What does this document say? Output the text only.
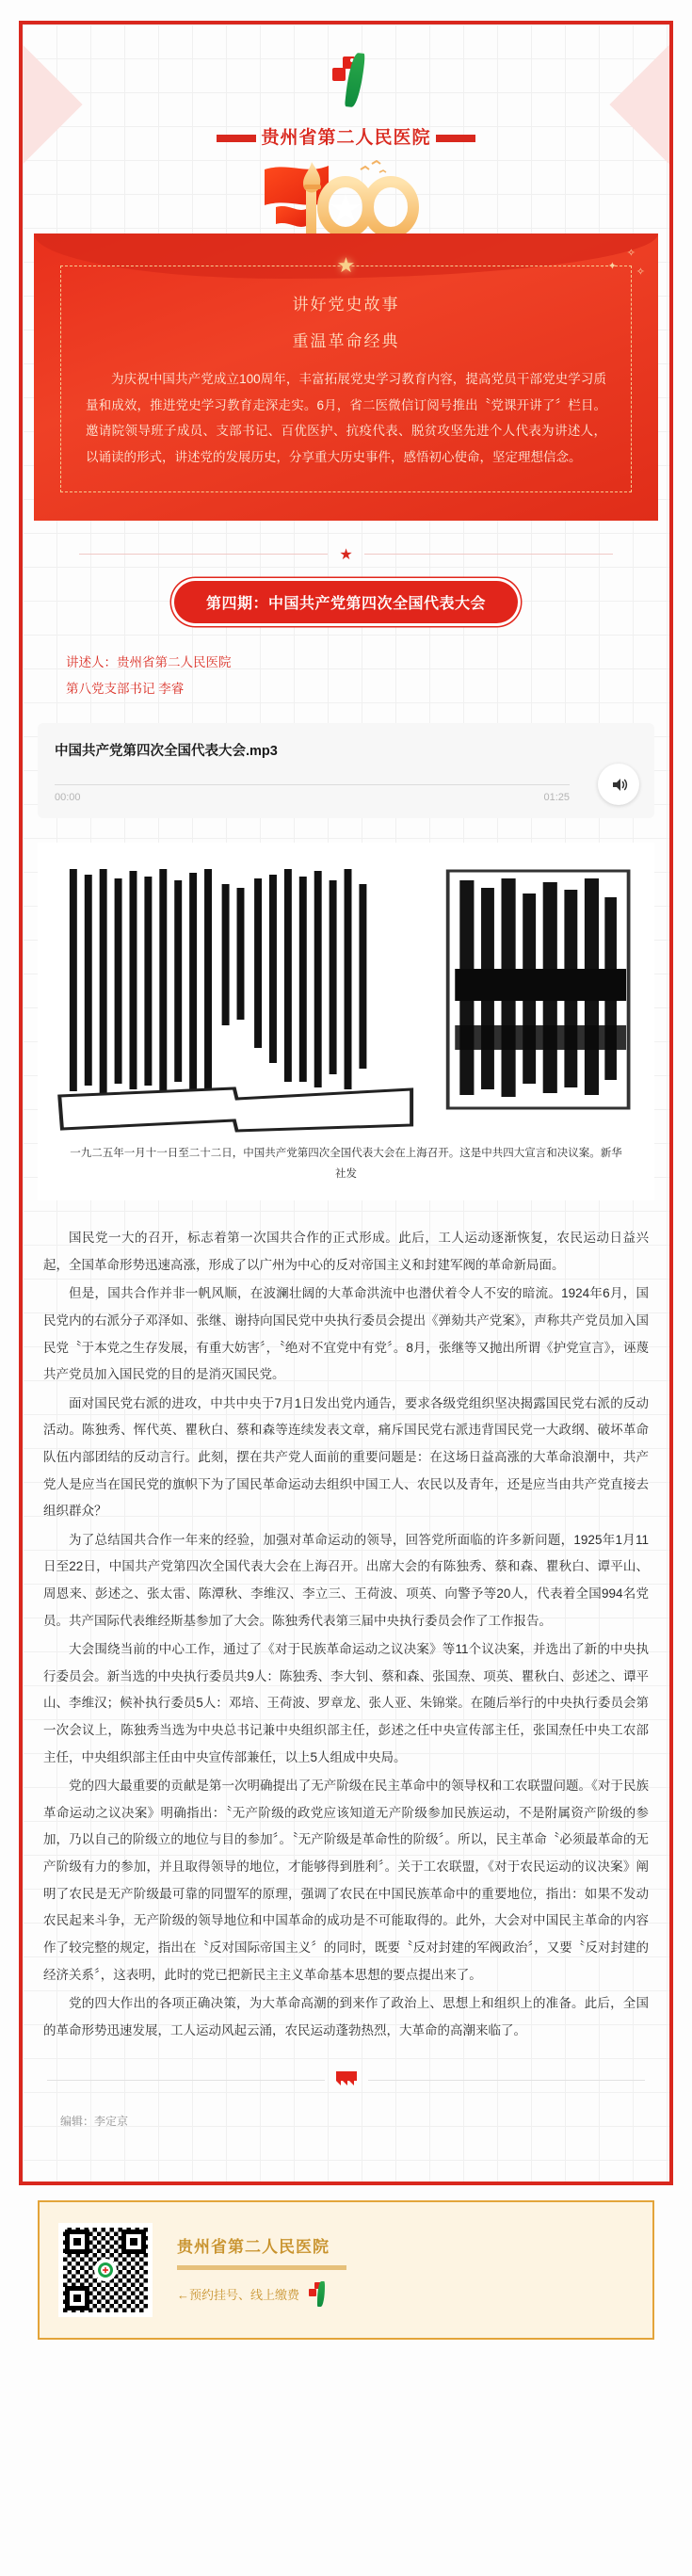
贵州省第二人民医院
✧
✦ ✧
★
讲好党史故事
重温革命经典
为庆祝中国共产党成立100周年，丰富拓展党史学习教育内容，提高党员干部党史学习质量和成效，推进党史学习教育走深走实。6月，省二医微信订阅号推出〝党课开讲了〞栏目。邀请院领导班子成员、支部书记、百优医护、抗疫代表、脱贫攻坚先进个人代表为讲述人，以诵读的形式，讲述党的发展历史，分享重大历史事件，感悟初心使命，坚定理想信念。
★
第四期：中国共产党第四次全国代表大会
讲述人：贵州省第二人民医院
第八党支部书记 李睿
中国共产党第四次全国代表大会.mp3
00:00	01:25
一九二五年一月十一日至二十二日，中国共产党第四次全国代表大会在上海召开。这是中共四大宣言和决议案。新华社发

国民党一大的召开，标志着第一次国共合作的正式形成。此后，工人运动逐渐恢复，农民运动日益兴起，全国革命形势迅速高涨，形成了以广州为中心的反对帝国主义和封建军阀的革命新局面。

但是，国共合作并非一帆风顺，在波澜壮阔的大革命洪流中也潜伏着令人不安的暗流。1924年6月，国民党内的右派分子邓泽如、张继、谢持向国民党中央执行委员会提出《弹劾共产党案》，声称共产党员加入国民党〝于本党之生存发展，有重大妨害〞，〝绝对不宜党中有党〞。8月，张继等又抛出所谓《护党宣言》，诬蔑共产党员加入国民党的目的是消灭国民党。

面对国民党右派的进攻，中共中央于7月1日发出党内通告，要求各级党组织坚决揭露国民党右派的反动活动。陈独秀、恽代英、瞿秋白、蔡和森等连续发表文章，痛斥国民党右派违背国民党一大政纲、破坏革命队伍内部团结的反动言行。此刻，摆在共产党人面前的重要问题是：在这场日益高涨的大革命浪潮中，共产党人是应当在国民党的旗帜下为了国民革命运动去组织中国工人、农民以及青年，还是应当由共产党直接去组织群众？

为了总结国共合作一年来的经验，加强对革命运动的领导，回答党所面临的许多新问题，1925年1月11日至22日，中国共产党第四次全国代表大会在上海召开。出席大会的有陈独秀、蔡和森、瞿秋白、谭平山、周恩来、彭述之、张太雷、陈潭秋、李维汉、李立三、王荷波、项英、向警予等20人，代表着全国994名党员。共产国际代表维经斯基参加了大会。陈独秀代表第三届中央执行委员会作了工作报告。

大会围绕当前的中心工作，通过了《对于民族革命运动之议决案》等11个议决案，并选出了新的中央执行委员会。新当选的中央执行委员共9人：陈独秀、李大钊、蔡和森、张国焘、项英、瞿秋白、彭述之、谭平山、李维汉；候补执行委员5人：邓培、王荷波、罗章龙、张人亚、朱锦棠。在随后举行的中央执行委员会第一次会议上，陈独秀当选为中央总书记兼中央组织部主任，彭述之任中央宣传部主任，张国焘任中央工农部主任，中央组织部主任由中央宣传部兼任，以上5人组成中央局。

党的四大最重要的贡献是第一次明确提出了无产阶级在民主革命中的领导权和工农联盟问题。《对于民族革命运动之议决案》明确指出：〝无产阶级的政党应该知道无产阶级参加民族运动，不是附属资产阶级的参加，乃以自己的阶级立的地位与目的参加〞。〝无产阶级是革命性的阶级〞。所以，民主革命〝必须最革命的无产阶级有力的参加，并且取得领导的地位，才能够得到胜利〞。关于工农联盟，《对于农民运动的议决案》阐明了农民是无产阶级最可靠的同盟军的原理，强调了农民在中国民族革命中的重要地位，指出：如果不发动农民起来斗争，无产阶级的领导地位和中国革命的成功是不可能取得的。此外，大会对中国民主革命的内容作了较完整的规定，指出在〝反对国际帝国主义〞的同时，既要〝反对封建的军阀政治〞，又要〝反对封建的经济关系〞，这表明，此时的党已把新民主主义革命基本思想的要点提出来了。

党的四大作出的各项正确决策，为大革命高潮的到来作了政治上、思想上和组织上的准备。此后，全国的革命形势迅速发展，工人运动风起云涌，农民运动蓬勃热烈，大革命的高潮来临了。

编辑：李定京
✚
贵州省第二人民医院
←预约挂号、线上缴费
